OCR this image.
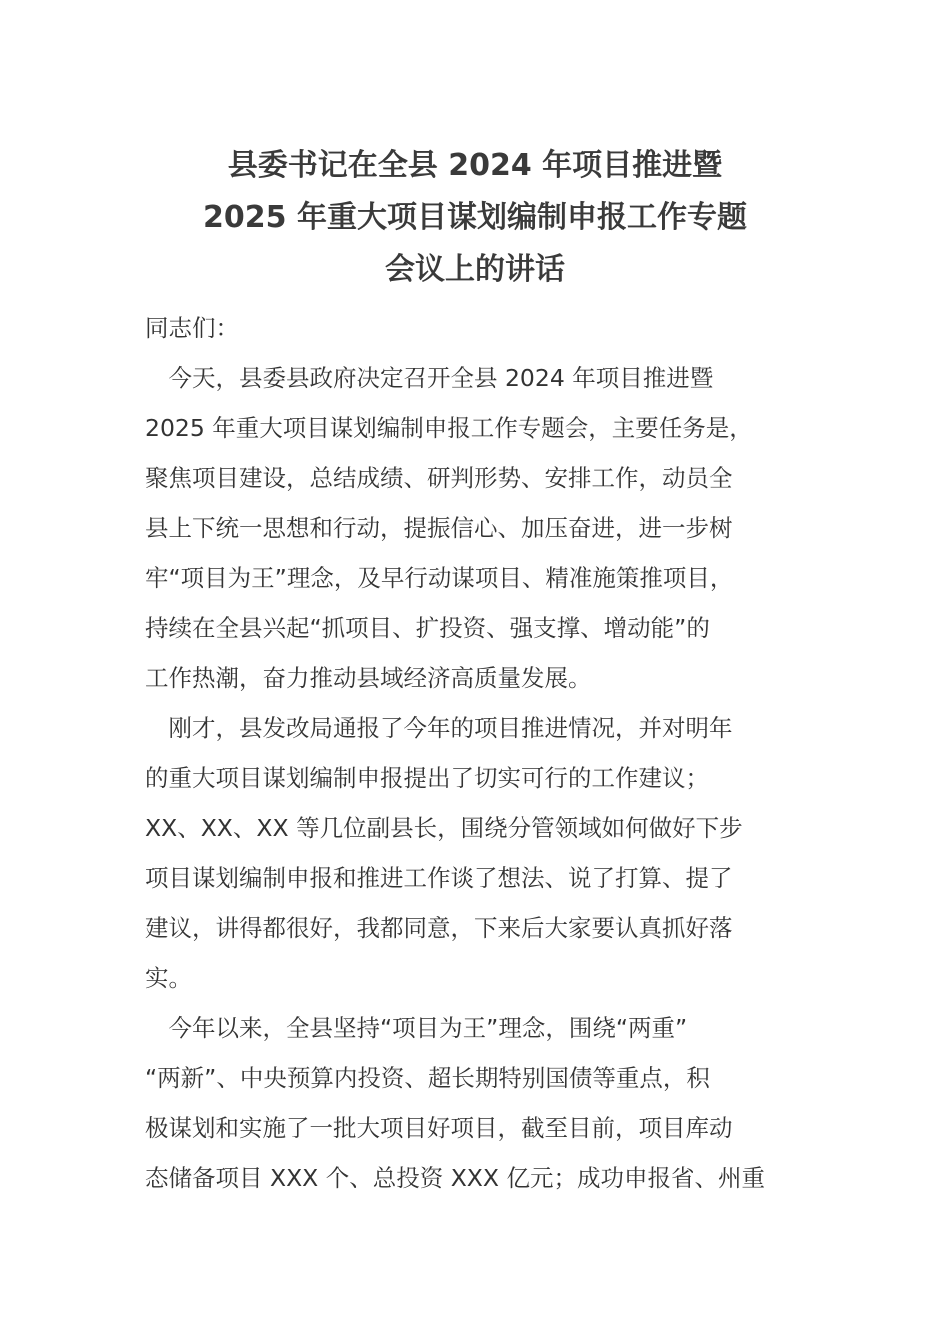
县委书记在全县 2024 年项目推进暨
2025 年重大项目谋划编制申报工作专题
会议上的讲话
同志们：
　今天，县委县政府决定召开全县 2024 年项目推进暨
2025 年重大项目谋划编制申报工作专题会，主要任务是，
聚焦项目建设，总结成绩、研判形势、安排工作，动员全
县上下统一思想和行动，提振信心、加压奋进，进一步树
牢“项目为王”理念，及早行动谋项目、精准施策推项目，
持续在全县兴起“抓项目、扩投资、强支撑、增动能”的
工作热潮，奋力推动县域经济高质量发展。
　刚才，县发改局通报了今年的项目推进情况，并对明年
的重大项目谋划编制申报提出了切实可行的工作建议；
XX、XX、XX 等几位副县长，围绕分管领域如何做好下步
项目谋划编制申报和推进工作谈了想法、说了打算、提了
建议，讲得都很好，我都同意，下来后大家要认真抓好落
实。
　今年以来，全县坚持“项目为王”理念，围绕“两重”
“两新”、中央预算内投资、超长期特别国债等重点，积
极谋划和实施了一批大项目好项目，截至目前，项目库动
态储备项目 XXX 个、总投资 XXX 亿元；成功申报省、州重
